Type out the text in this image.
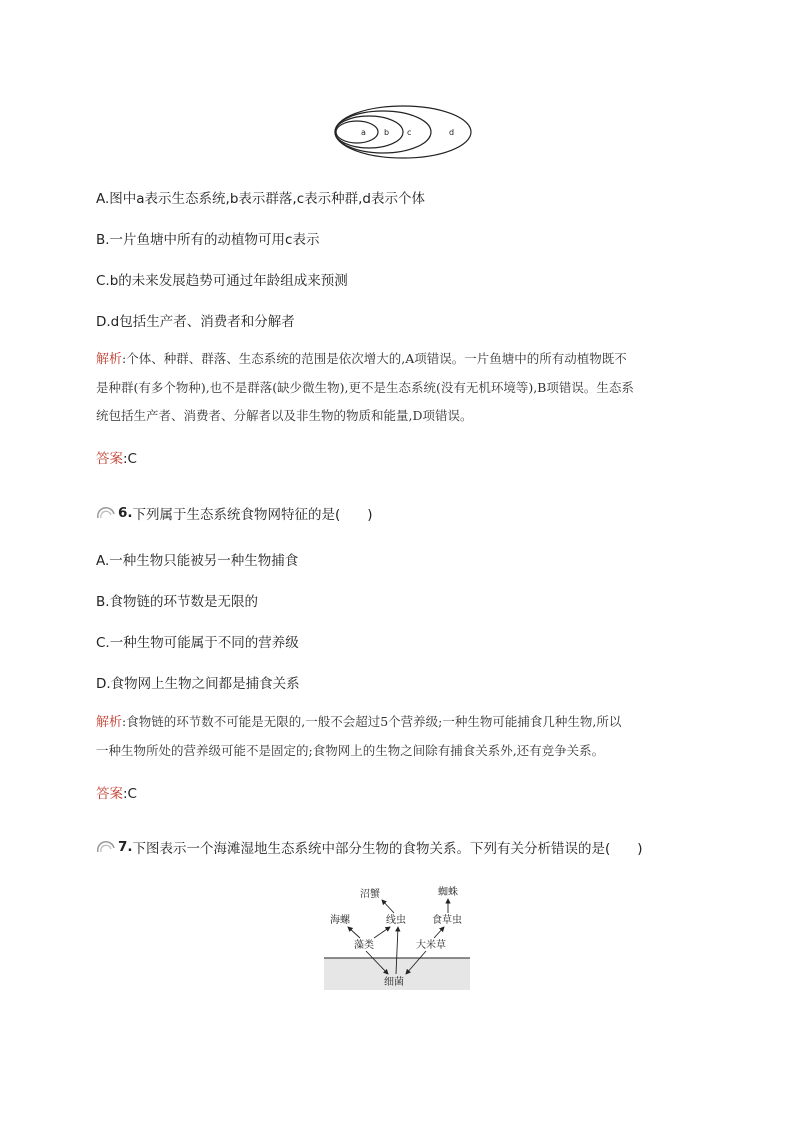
a b c	d
A.图中a表示生态系统,b表示群落,c表示种群,d表示个体
B.一片鱼塘中所有的动植物可用c表示
C.b的未来发展趋势可通过年龄组成来预测
D.d包括生产者、消费者和分解者
解析:个体、种群、群落、生态系统的范围是依次增大的,A项错误。一片鱼塘中的所有动植物既不
是种群(有多个物种),也不是群落(缺少微生物),更不是生态系统(没有无机环境等),B项错误。生态系
统包括生产者、消费者、分解者以及非生物的物质和能量,D项错误。
答案:C
6. 下列属于生态系统食物网特征的是(　　)
A.一种生物只能被另一种生物捕食
B.食物链的环节数是无限的
C.一种生物可能属于不同的营养级
D.食物网上生物之间都是捕食关系
解析:食物链的环节数不可能是无限的,一般不会超过5个营养级;一种生物可能捕食几种生物,所以
一种生物所处的营养级可能不是固定的;食物网上的生物之间除有捕食关系外,还有竞争关系。
答案:C
7. 下图表示一个海滩湿地生态系统中部分生物的食物关系。下列有关分析错误的是(　　)
沼蟹	蜘蛛
海螺	线虫	食草虫
藻类	大米草
细菌
